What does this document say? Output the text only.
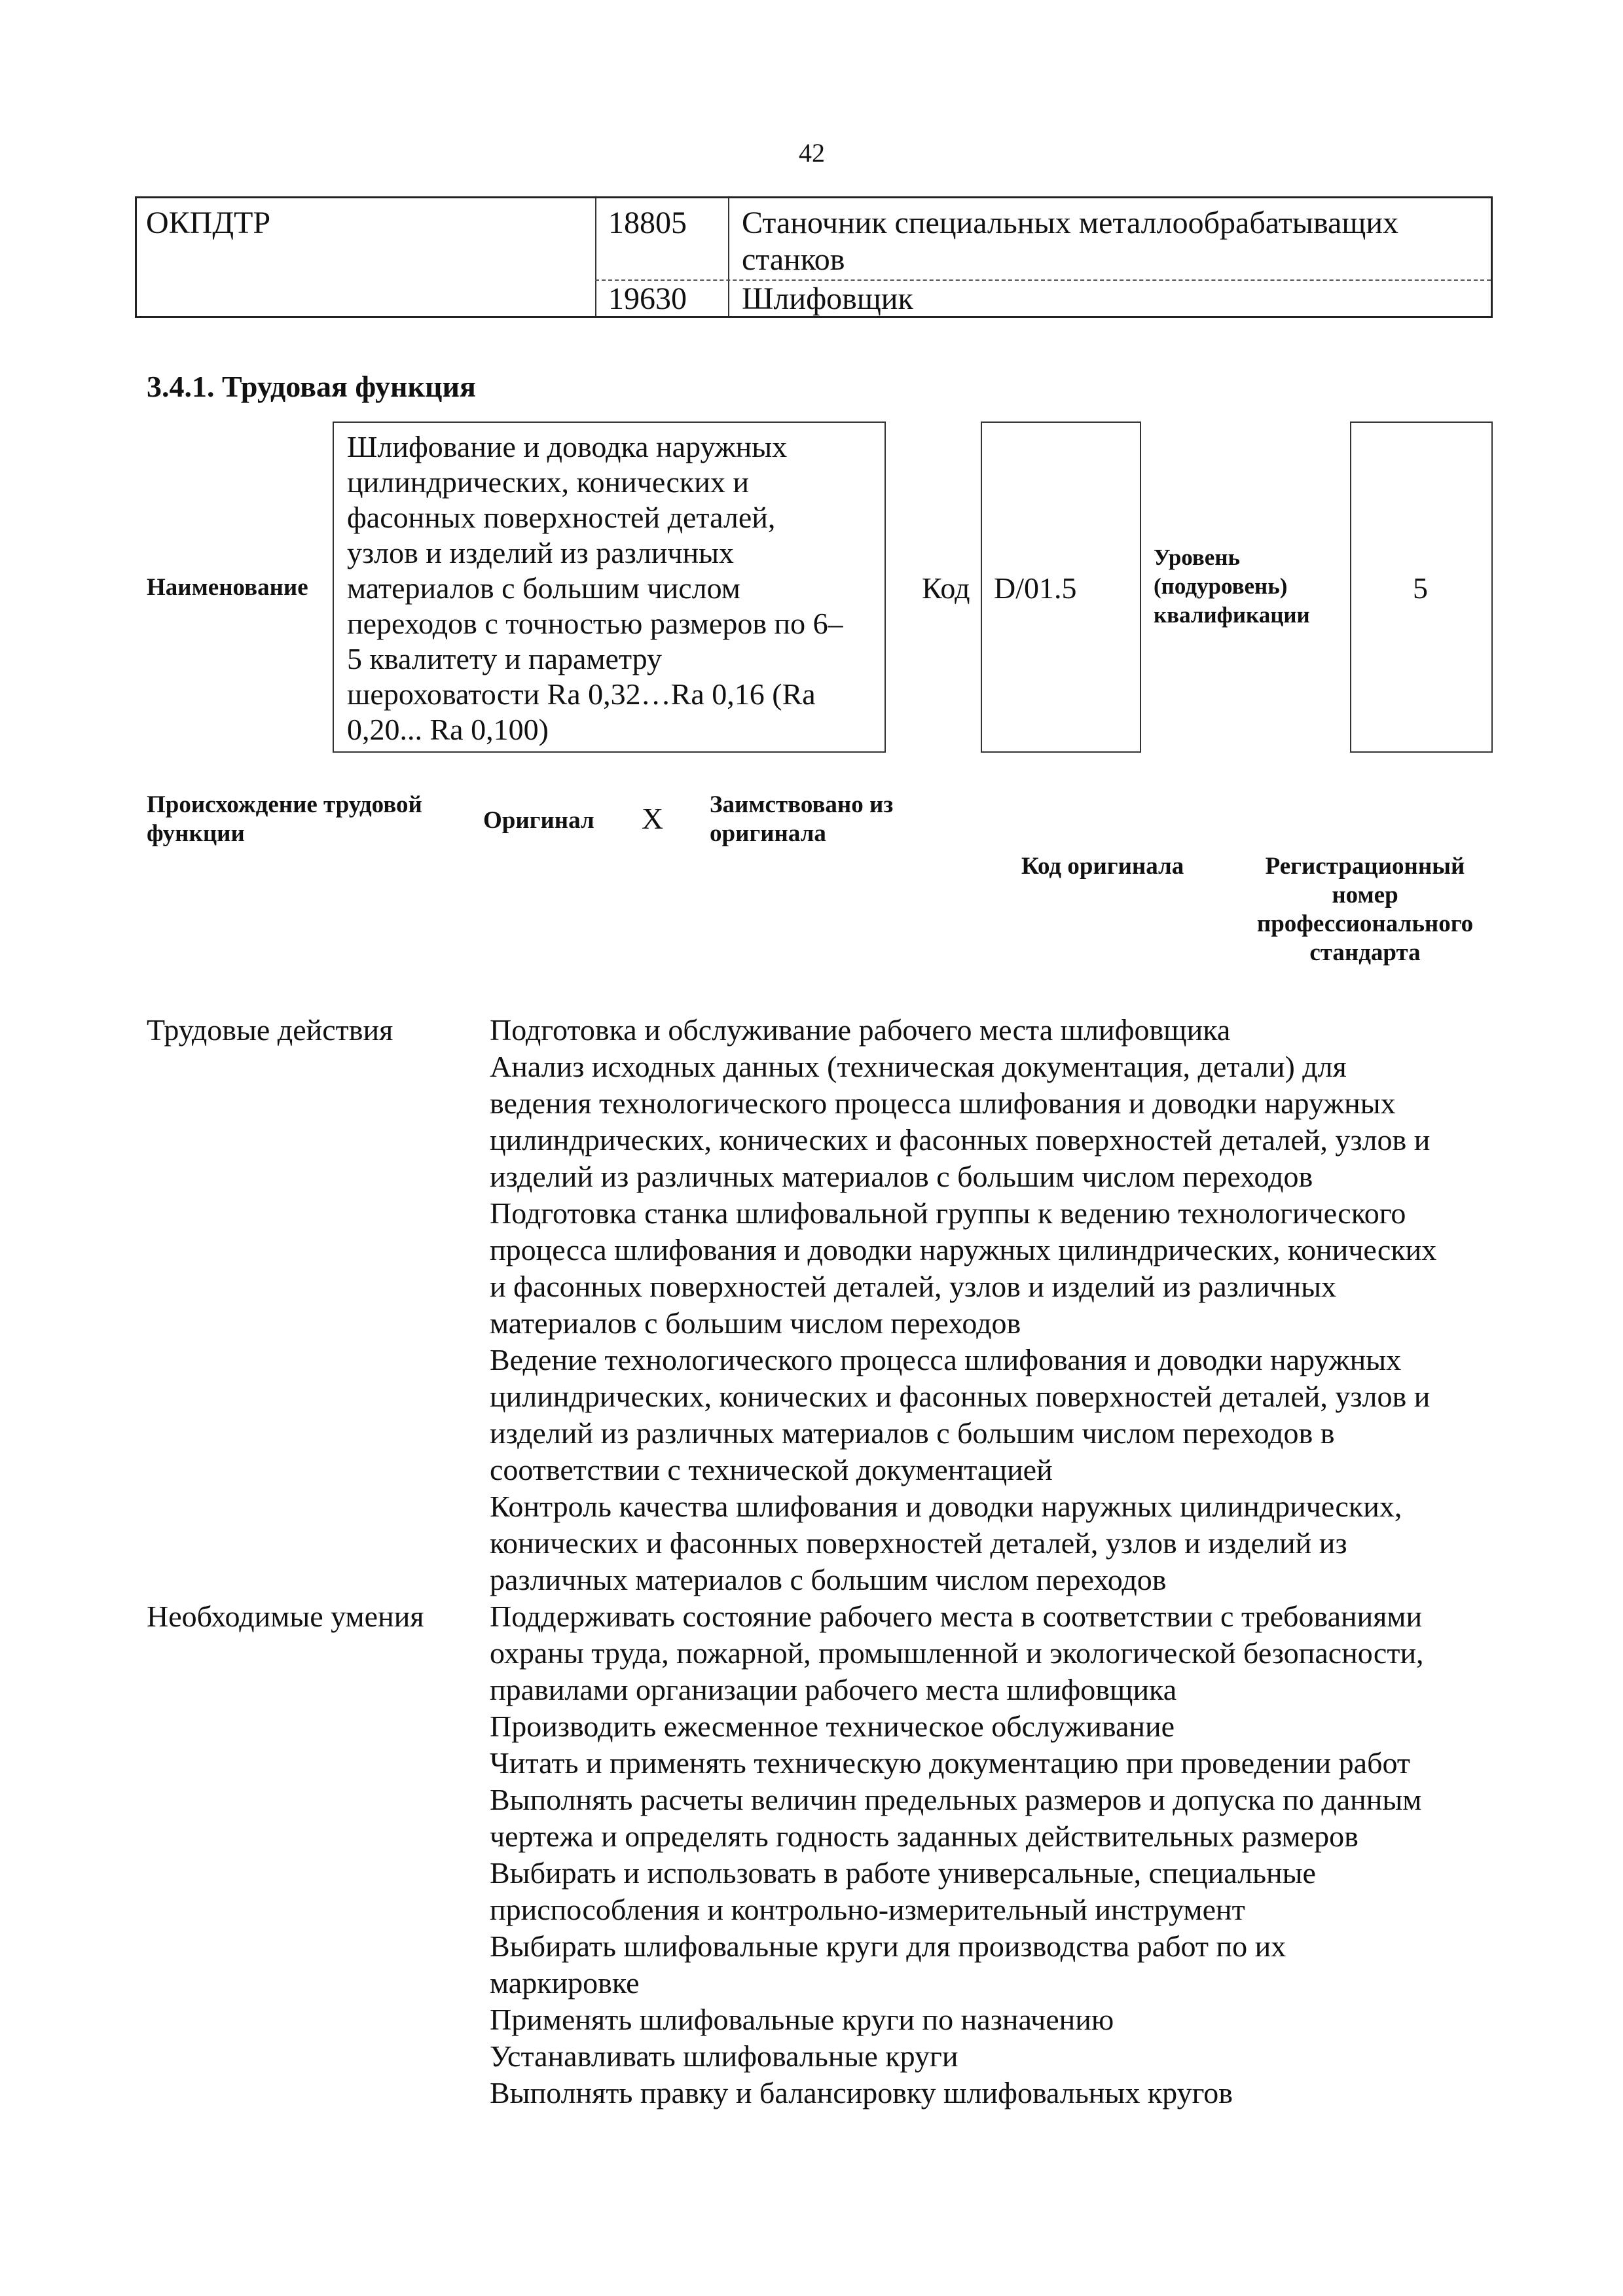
42
ОКПДТР	18805 Станочник специальных металлообрабатыващих
станков
19630 Шлифовщик
3.4.1. Трудовая функция
Наименование
Шлифование и доводка наружных
цилиндрических, конических и
фасонных поверхностей деталей,
узлов и изделий из различных
материалов с большим числом
переходов с точностью размеров по 6–
5 квалитету и параметру
шероховатости Ra 0,32…Ra 0,16 (Ra
0,20... Ra 0,100)
Код D/01.5
Уровень
(подуровень)
квалификации
5
Происхождение трудовой
функции	Оригинал X Заимствовано из
оригинала
Код оригинала	Регистрационный
номер
профессионального
стандарта
Трудовые действия	Подготовка и обслуживание рабочего места шлифовщика
Анализ исходных данных (техническая документация, детали) для
ведения технологического процесса шлифования и доводки наружных
цилиндрических, конических и фасонных поверхностей деталей, узлов и
изделий из различных материалов с большим числом переходов
Подготовка станка шлифовальной группы к ведению технологического
процесса шлифования и доводки наружных цилиндрических, конических
и фасонных поверхностей деталей, узлов и изделий из различных
материалов с большим числом переходов
Ведение технологического процесса шлифования и доводки наружных
цилиндрических, конических и фасонных поверхностей деталей, узлов и
изделий из различных материалов с большим числом переходов в
соответствии с технической документацией
Контроль качества шлифования и доводки наружных цилиндрических,
конических и фасонных поверхностей деталей, узлов и изделий из
различных материалов с большим числом переходов
Необходимые умения Поддерживать состояние рабочего места в соответствии с требованиями
охраны труда, пожарной, промышленной и экологической безопасности,
правилами организации рабочего места шлифовщика
Производить ежесменное техническое обслуживание
Читать и применять техническую документацию при проведении работ
Выполнять расчеты величин предельных размеров и допуска по данным
чертежа и определять годность заданных действительных размеров
Выбирать и использовать в работе универсальные, специальные
приспособления и контрольно-измерительный инструмент
Выбирать шлифовальные круги для производства работ по их
маркировке
Применять шлифовальные круги по назначению
Устанавливать шлифовальные круги
Выполнять правку и балансировку шлифовальных кругов
